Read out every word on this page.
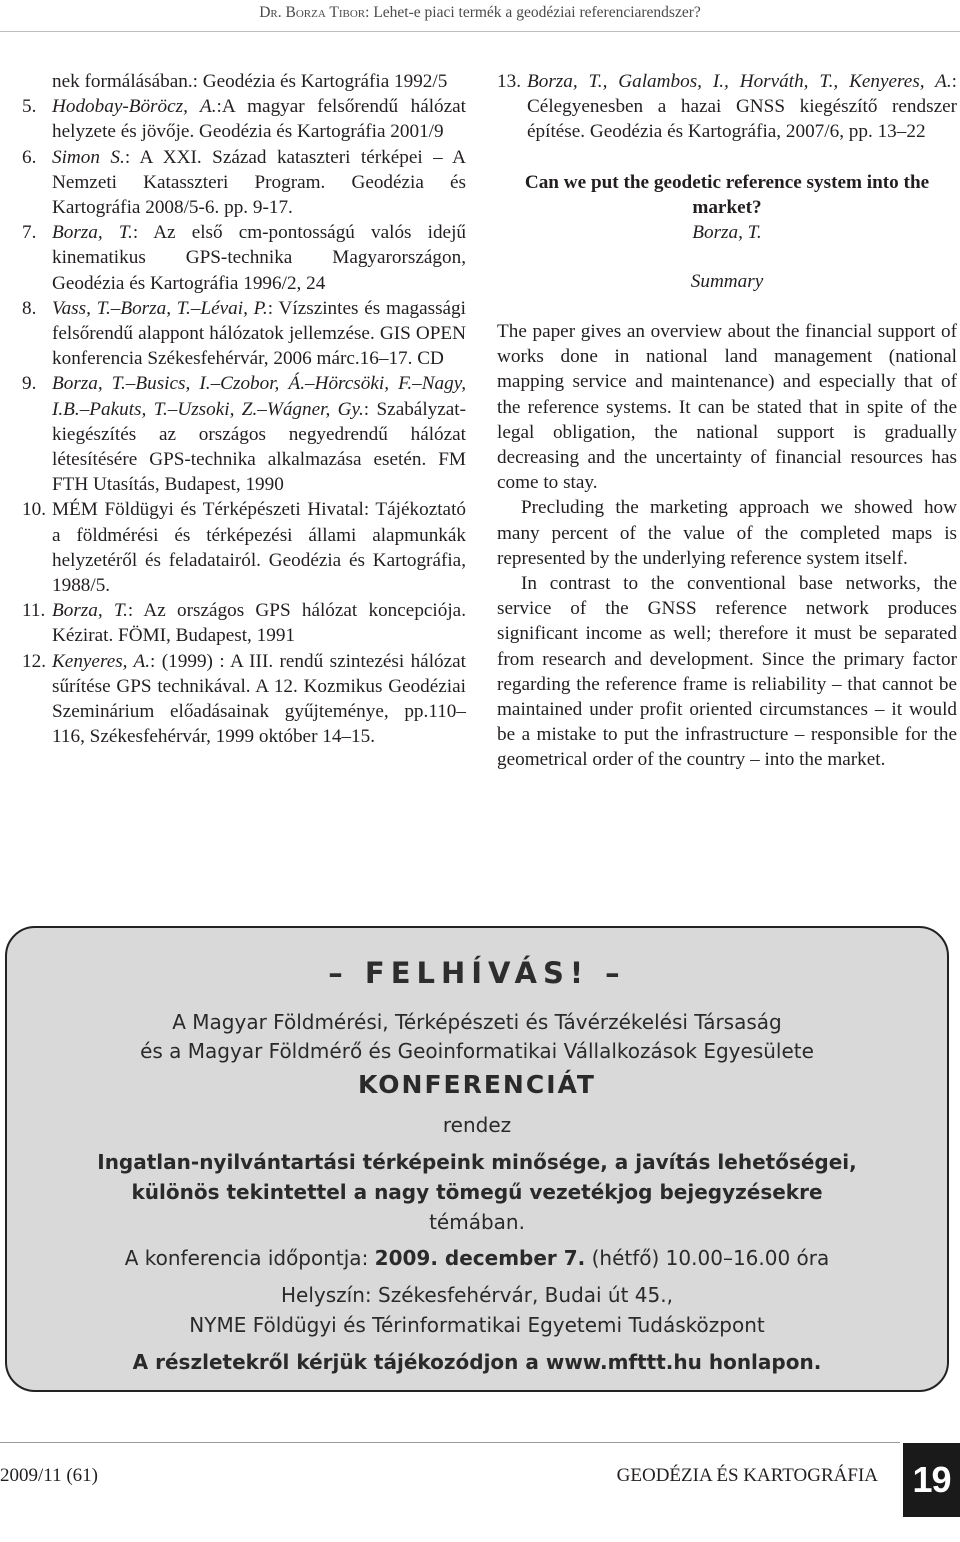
Dr. Borza Tibor: Lehet-e piaci termék a geodéziai referenciarendszer?
nek formálásában.: Geodézia és Kartográfia 1992/5
5. Hodobay-Böröcz, A.:A magyar felsőrendű hálózat helyzete és jövője. Geodézia és Kartográfia 2001/9
6. Simon S.: A XXI. Század kataszteri térképei – A Nemzeti Katasszteri Program. Geodézia és Kartográfia 2008/5-6. pp. 9-17.
7. Borza, T.: Az első cm-pontosságú valós idejű kinematikus GPS-technika Magyarországon, Geodézia és Kartográfia 1996/2, 24
8. Vass, T.–Borza, T.–Lévai, P.: Vízszintes és magassági felsőrendű alappont hálózatok jellemzése. GIS OPEN konferencia Székesfehérvár, 2006 márc.16–17. CD
9. Borza, T.–Busics, I.–Czobor, Á.–Hörcsöki, F.–Nagy, I.B.–Pakuts, T.–Uzsoki, Z.–Wágner, Gy.: Szabályzat-kiegészítés az országos negyedrendű hálózat létesítésére GPS-technika alkalmazása esetén. FM FTH Utasítás, Budapest, 1990
10. MÉM Földügyi és Térképészeti Hivatal: Tájékoztató a földmérési és térképezési állami alapmunkák helyzetéről és feladatairól. Geodézia és Kartográfia, 1988/5.
11. Borza, T.: Az országos GPS hálózat koncepciója. Kézirat. FÖMI, Budapest, 1991
12. Kenyeres, A.: (1999) : A III. rendű szintezési hálózat sűrítése GPS technikával. A 12. Kozmikus Geodéziai Szeminárium előadásainak gyűjteménye, pp.110–116, Székesfehérvár, 1999 október 14–15.
13. Borza, T., Galambos, I., Horváth, T., Kenyeres, A.: Célegyenesben a hazai GNSS kiegészítő rendszer építése. Geodézia és Kartográfia, 2007/6, pp. 13–22
Can we put the geodetic reference system into the market?
Borza, T.
Summary
The paper gives an overview about the financial support of works done in national land management (national mapping service and maintenance) and especially that of the reference systems. It can be stated that in spite of the legal obligation, the national support is gradually decreasing and the uncertainty of financial resources has come to stay.
Precluding the marketing approach we showed how many percent of the value of the completed maps is represented by the underlying reference system itself.
In contrast to the conventional base networks, the service of the GNSS reference network produces significant income as well; therefore it must be separated from research and development. Since the primary factor regarding the reference frame is reliability – that cannot be maintained under profit oriented circumstances – it would be a mistake to put the infrastructure – responsible for the geometrical order of the country – into the market.
– FELHÍVÁS! –
A Magyar Földmérési, Térképészeti és Távérzékelési Társaság
és a Magyar Földmérő és Geoinformatikai Vállalkozások Egyesülete
KONFERENCIÁT
rendez
Ingatlan-nyilvántartási térképeink minősége, a javítás lehetőségei,
különös tekintettel a nagy tömegű vezetékjog bejegyzésekre
témában.
A konferencia időpontja: 2009. december 7. (hétfő) 10.00–16.00 óra
Helyszín: Székesfehérvár, Budai út 45.,
NYME Földügyi és Térinformatikai Egyetemi Tudásközpont
A részletekről kérjük tájékozódjon a www.mfttt.hu honlapon.
2009/11 (61)	GEODÉZIA ÉS KARTOGRÁFIA 19
